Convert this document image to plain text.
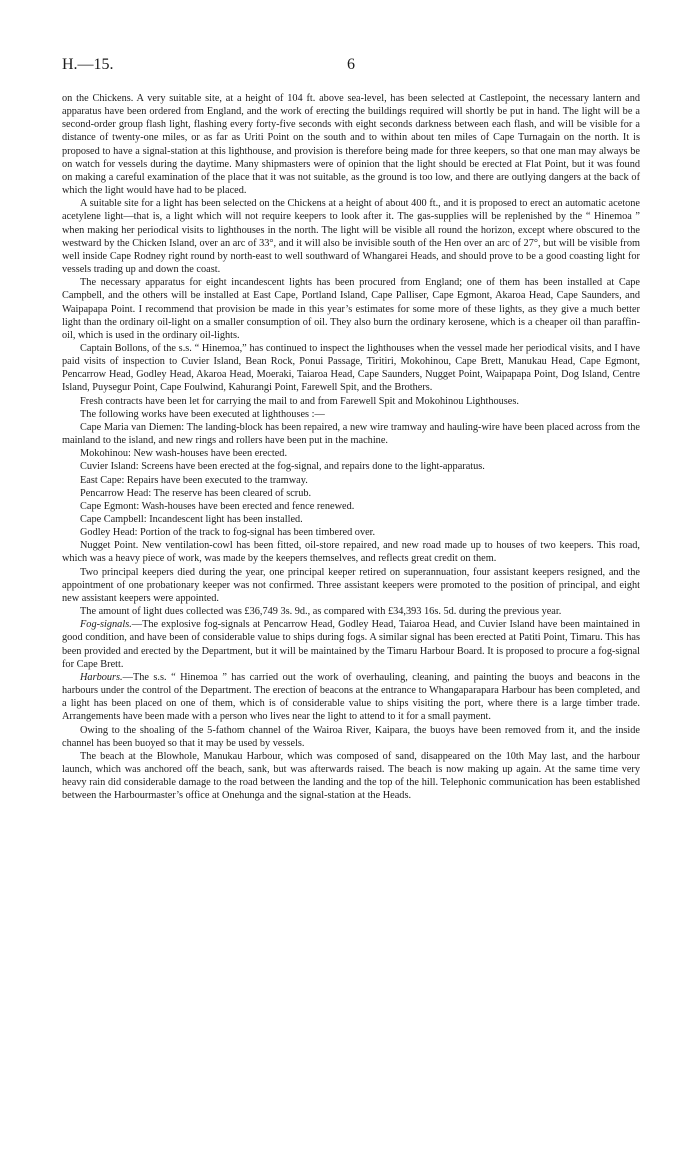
H.—15.	6

on the Chickens. A very suitable site, at a height of 104 ft. above sea-level, has been selected at Castlepoint, the necessary lantern and apparatus have been ordered from England, and the work of erecting the buildings required will shortly be put in hand. The light will be a second-order group flash light, flashing every forty-five seconds with eight seconds darkness between each flash, and will be visible for a distance of twenty-one miles, or as far as Uriti Point on the south and to within about ten miles of Cape Turnagain on the north. It is proposed to have a signal-station at this lighthouse, and provision is therefore being made for three keepers, so that one man may always be on watch for vessels during the daytime. Many shipmasters were of opinion that the light should be erected at Flat Point, but it was found on making a careful examination of the place that it was not suitable, as the ground is too low, and there are outlying dangers at the back of which the light would have had to be placed.

A suitable site for a light has been selected on the Chickens at a height of about 400 ft., and it is proposed to erect an automatic acetone acetylene light—that is, a light which will not require keepers to look after it. The gas-supplies will be replenished by the “ Hinemoa ” when making her periodical visits to lighthouses in the north. The light will be visible all round the horizon, except where obscured to the westward by the Chicken Island, over an arc of 33°, and it will also be invisible south of the Hen over an arc of 27°, but will be visible from well inside Cape Rodney right round by north-east to well southward of Whangarei Heads, and should prove to be a good coasting light for vessels trading up and down the coast.

The necessary apparatus for eight incandescent lights has been procured from England; one of them has been installed at Cape Campbell, and the others will be installed at East Cape, Portland Island, Cape Palliser, Cape Egmont, Akaroa Head, Cape Saunders, and Waipapapa Point. I recommend that provision be made in this year’s estimates for some more of these lights, as they give a much better light than the ordinary oil-light on a smaller consumption of oil. They also burn the ordinary kerosene, which is a cheaper oil than paraffin-oil, which is used in the ordinary oil-lights.

Captain Bollons, of the s.s. “ Hinemoa,” has continued to inspect the lighthouses when the vessel made her periodical visits, and I have paid visits of inspection to Cuvier Island, Bean Rock, Ponui Passage, Tiritiri, Mokohinou, Cape Brett, Manukau Head, Cape Egmont, Pencarrow Head, Godley Head, Akaroa Head, Moeraki, Taiaroa Head, Cape Saunders, Nugget Point, Waipapapa Point, Dog Island, Centre Island, Puysegur Point, Cape Foulwind, Kahurangi Point, Farewell Spit, and the Brothers.

Fresh contracts have been let for carrying the mail to and from Farewell Spit and Mokohinou Lighthouses.

The following works have been executed at lighthouses :—

Cape Maria van Diemen: The landing-block has been repaired, a new wire tramway and hauling-wire have been placed across from the mainland to the island, and new rings and rollers have been put in the machine.

Mokohinou: New wash-houses have been erected.

Cuvier Island: Screens have been erected at the fog-signal, and repairs done to the light-apparatus.

East Cape: Repairs have been executed to the tramway.

Pencarrow Head: The reserve has been cleared of scrub.

Cape Egmont: Wash-houses have been erected and fence renewed.

Cape Campbell: Incandescent light has been installed.

Godley Head: Portion of the track to fog-signal has been timbered over.

Nugget Point. New ventilation-cowl has been fitted, oil-store repaired, and new road made up to houses of two keepers. This road, which was a heavy piece of work, was made by the keepers themselves, and reflects great credit on them.

Two principal keepers died during the year, one principal keeper retired on superannuation, four assistant keepers resigned, and the appointment of one probationary keeper was not confirmed. Three assistant keepers were promoted to the position of principal, and eight new assistant keepers were appointed.

The amount of light dues collected was £36,749 3s. 9d., as compared with £34,393 16s. 5d. during the previous year.

Fog-signals.—The explosive fog-signals at Pencarrow Head, Godley Head, Taiaroa Head, and Cuvier Island have been maintained in good condition, and have been of considerable value to ships during fogs. A similar signal has been erected at Patiti Point, Timaru. This has been provided and erected by the Department, but it will be maintained by the Timaru Harbour Board. It is proposed to procure a fog-signal for Cape Brett.

Harbours.—The s.s. “ Hinemoa ” has carried out the work of overhauling, cleaning, and painting the buoys and beacons in the harbours under the control of the Department. The erection of beacons at the entrance to Whangaparapara Harbour has been completed, and a light has been placed on one of them, which is of considerable value to ships visiting the port, where there is a large timber trade. Arrangements have been made with a person who lives near the light to attend to it for a small payment.

Owing to the shoaling of the 5-fathom channel of the Wairoa River, Kaipara, the buoys have been removed from it, and the inside channel has been buoyed so that it may be used by vessels.

The beach at the Blowhole, Manukau Harbour, which was composed of sand, disappeared on the 10th May last, and the harbour launch, which was anchored off the beach, sank, but was afterwards raised. The beach is now making up again. At the same time very heavy rain did considerable damage to the road between the landing and the top of the hill. Telephonic communication has been established between the Harbourmaster’s office at Onehunga and the signal-station at the Heads.
